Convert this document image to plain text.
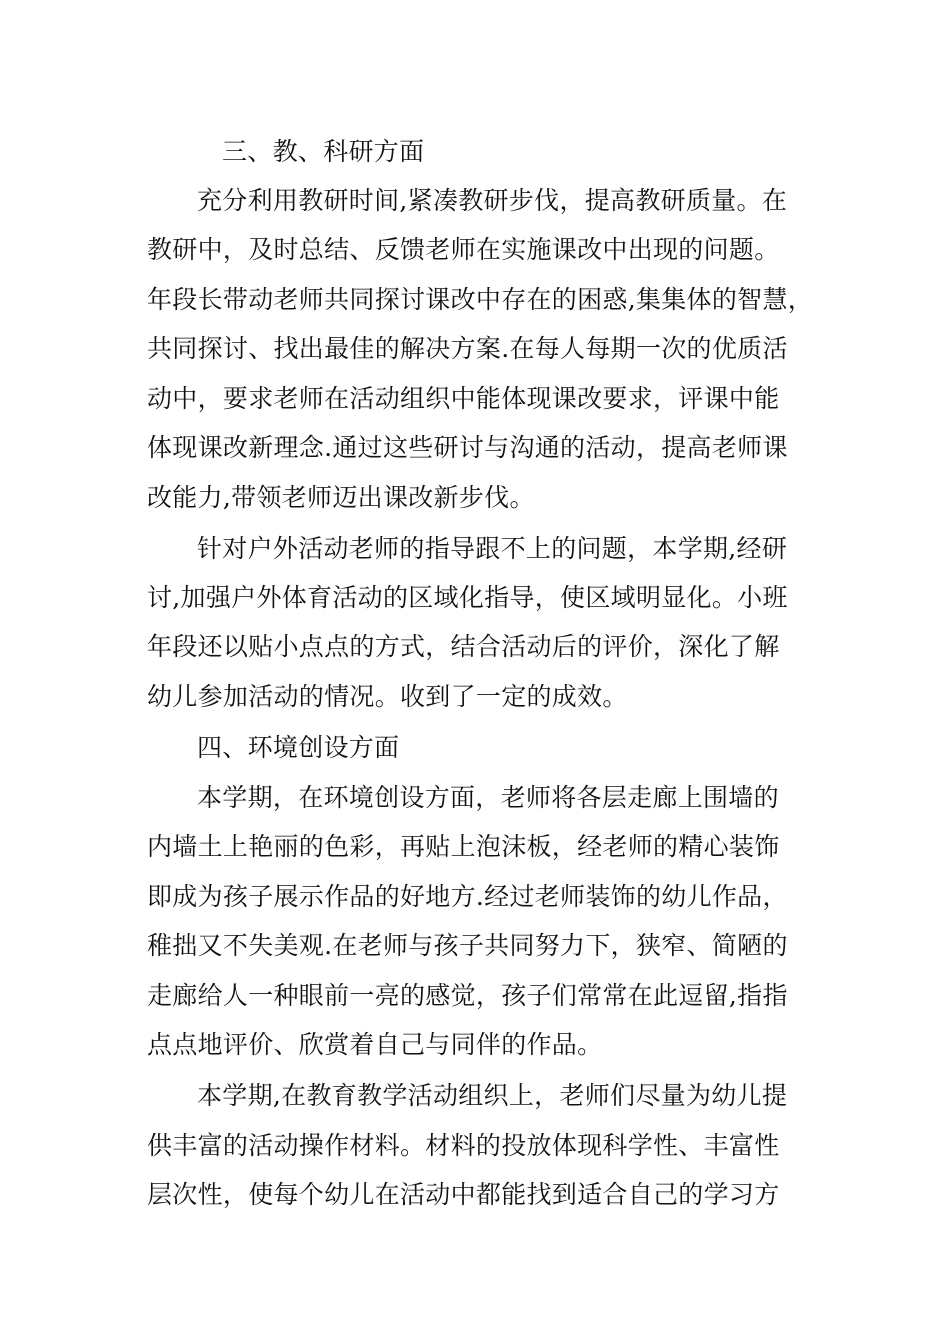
三、教、科研方面

充分利用教研时间,紧凑教研步伐，提高教研质量。在

教研中，及时总结、反馈老师在实施课改中出现的问题。

年段长带动老师共同探讨课改中存在的困惑,集集体的智慧，

共同探讨、找出最佳的解决方案.在每人每期一次的优质活

动中，要求老师在活动组织中能体现课改要求，评课中能

体现课改新理念.通过这些研讨与沟通的活动，提高老师课

改能力,带领老师迈出课改新步伐。

针对户外活动老师的指导跟不上的问题，本学期,经研

讨,加强户外体育活动的区域化指导，使区域明显化。小班

年段还以贴小点点的方式，结合活动后的评价，深化了解

幼儿参加活动的情况。收到了一定的成效。

四、环境创设方面

本学期，在环境创设方面，老师将各层走廊上围墙的

内墙土上艳丽的色彩，再贴上泡沫板，经老师的精心装饰

即成为孩子展示作品的好地方.经过老师装饰的幼儿作品，

稚拙又不失美观.在老师与孩子共同努力下，狭窄、简陋的

走廊给人一种眼前一亮的感觉，孩子们常常在此逗留,指指

点点地评价、欣赏着自己与同伴的作品。

本学期,在教育教学活动组织上，老师们尽量为幼儿提

供丰富的活动操作材料。材料的投放体现科学性、丰富性

层次性，使每个幼儿在活动中都能找到适合自己的学习方
